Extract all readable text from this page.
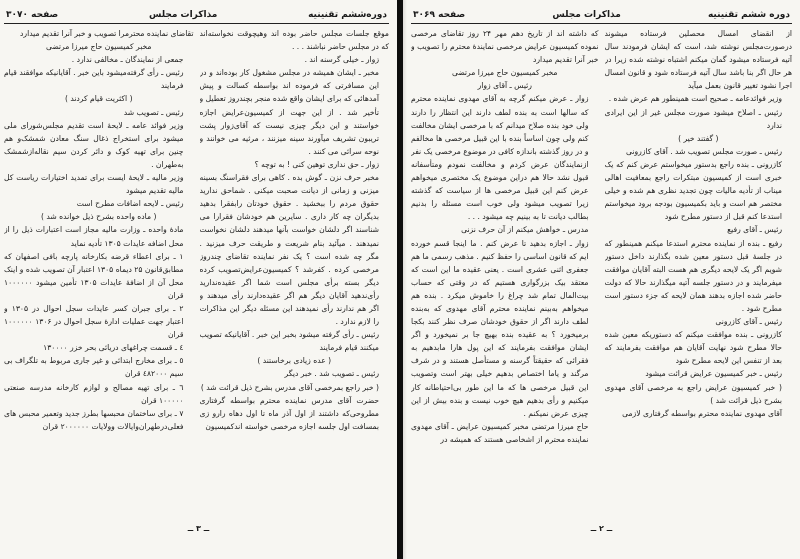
دوره ششم تقنینیه
مذاکرات مجلس
صفحه ۳۰۶۹

از انقضای امسال محصلین فرستاده میشوند درصورت‌مجلس نوشته شد، است که ایشان فرمودند سال آتیه فرستاده میشود گمان میکنم اشتباه نوشته شده زیرا در هر حال اگر بنا باشد سال آتیه فرستاده شود و قانون امسال اجرا نشود تغییر قانون بعمل میآید

وزیر فوائدعامه ـ صحیح است همینطور هم عرض شده .

رئیس ـ اصلاح میشود صورت مجلس غیر از این ایرادی ندارد

( گفتند خیر )

رئیس ـ صورت مجلس تصویب شد . آقای کازرونی

کازرونی ـ بنده راجع بدستور میخواستم عرض کنم که یک خبری است از کمیسیون مبتکرات راجع بمعافیت اهالی میناب از تأدیه مالیات چون تجدید نظری هم شده و خیلی مختصر هم است و باید بکمیسیون بودجه برود میخواستم استدعا کنم قبل از دستور مطرح شود

رئیس ـ آقای رفیع

رفیع ـ بنده از نماینده محترم استدعا میکنم همینطور که در جلسهٔ قبل دستور معین شده بگذارند داخل دستور شویم اگر یک لایحه دیگری هم هست البته آقایان موافقت میفرمایند و در دستور جلسه آتیه میگذارند حالا که دولت حاضر شده اجازه بدهند همان لایحه که جزء دستور است مطرح شود .

رئیس ـ آقای کازرونی

کازرونی ـ بنده موافقت میکنم که دستوریکه معین شده حالا مطرح شود نهایت آقایان هم موافقت بفرمایند که بعد از تنفس این لایحه مطرح شود

رئیس ـ خبر کمیسیون عرایض قرائت میشود

( خبر کمیسیون عرایض راجع به مرخصی آقای مهدوی بشرح ذیل قرائت شد )

آقای مهدوی نماینده محترم بواسطه گرفتاری لازمی

که داشته اند از تاریخ دهم مهر ۲۴ روز تقاضای مرخصی نموده کمیسیون عرایض مرخصی نمایندهٔ محترم را تصویب و خبر آنرا تقدیم میدارد

مخبر کمیسیون حاج میرزا مرتضی

رئیس ـ آقای زوار

زوار ـ عرض میکنم گرچه به آقای مهدوی نماینده محترم که سالها است به بنده لطف دارند این انتظار را دارند ولی خود بنده صلاح میدانم که با مرخصی ایشان مخالفت کنم ولی چون اساساً بنده با این قبیل مرخصی ها مخالفم و در روز گذشته باندازه کافی در موضوع مرخصی یک نفر ازنمایندگان عرض کردم و مخالفت نمودم ومتأسفانه قبول نشد حالا هم دراین موضوع یک مختصری میخواهم عرض کنم این قبیل مرخصی ها از سیاست که گذشته زیرا تصویب میشود ولی خوب است مسئله را بدنیم بطالب دیانت تا به بینیم چه میشود . . .

مدرس ـ خواهش میکنم از آن حرف نزنی

زوار ـ اجازه بدهید تا عرض کنم . ما اینجا قسم خورده ایم که قانون اساسی را حفظ کنیم . مذهب رسمی ما هم جعفری اثنی عشری است . یعنی عقیده ما این است که معتقد بیک بزرگواری هستیم که در وقتی که حساب بیت‌المال تمام شد چراغ را خاموش میکرد . بنده هم میخواهم به‌بینم نماینده محترم آقای مهدوی که به‌بنده لطف دارند اگر از حقوق خودشان صرف نظر کنند بکجا برمیخورد ؟ به عقیده بنده بهیچ جا بر نمیخورد و اگر ایشان موافقت بفرمایند که این پول هارا مابدهیم به فقرائی که حقیقتاً گرسنه و مستأصل هستند و در شرف مرگند و یاما اختصاص بدهیم خیلی بهتر است وتصویب این قبیل مرخصی ها که ما این طور بی‌احتیاطانه کار میکنیم و رأی بدهیم هیچ خوب نیست و بنده بیش از این چیزی عرض نمیکنم .

حاج میرزا مرتضی مخبر کمیسیون عرایض ـ آقای مهدوی نماینده محترم از اشخاصی هستند که همیشه در

ــ ۲ ــ
دوره‌ششم تقنینیه
مذاکرات مجلس
صفحه ۳۰۷۰

موقع جلسات مجلس حاضر بوده اند وهیچوقت نخواسته‌اند که در مجلس حاضر نباشند . . .

زوار ـ خیلی گرسنه اند .

مخبر ـ ایشان همیشه در مجلس مشغول کار بوده‌اند و در این مسافرتی که فرموده اند بواسطه کسالت و پیش آمدهائی که برای ایشان واقع شده منجر بچندروز تعطیل و تأخیر شد . از این جهت از کمیسیون‌عرایض اجازه خواستند و این دیگر چیزی نیست که آقای‌زوار پشت تریبون تشریف میآورند سینه میزنند ، مرثیه می خوانند و نوحه سرائی می کنند .

زوار ـ حق نداری توهین کنی ! به توچه ؟

مخبر حرف نزن ـ گوش بده . کاهی برای فقراسنگ بسینه میزنی و زمانی از دیانت صحبت میکنی . شماحق ندارید حقوق مردم را ببخشید . حقوق خودتان رابفقرا بدهید بدیگران چه کار داری . سایرین هم خودشان فقرارا می شناسند اگر دلشان خواست بآنها میدهند دلشان نخواست نمیدهند . میآئید بنام شریعت و طریقت حرف میزنید . مگر چه شده است ؟ یک نفر نماینده تقاضای چندروز مرخصی کرده . کفرشد ؟ کمیسیون‌عرایض‌تصویب کرده دیگر بسته برأی مجلس است شما اگر عقیده‌ندارید رأی‌ندهید آقایان دیگر هم اگر عقیده‌دارند رأی میدهند و اگر هم ندارند رأی نمیدهند این مسئله دیگر این مذاکرات را لازم ندارد .

رئیس ـ رأی گرفته میشود بخبر این خبر . آقایانیکه تصویب میکنند قیام فرمایند

( عده زیادی برخاستند )

رئیس ـ تصویب شد . خبر دیگر

( خبر راجع بمرخصی آقای مدرس بشرح ذیل قرائت شد )

حضرت آقای مدرس نماینده محترم بواسطه گرفتاری مطروحی‌که داشتند از اول آذر ماه تا اول دهاه رارو زی بمسافت اول جلسه اجازه مرخصی خواسته اندکمیسیون

تقاضای نماینده محترمرا تصویب و خبر آنرا تقدیم میدارد

مخبر کمیسیون حاج میرزا مرتضی

جمعی از نمایندگان ـ مخالفی ندارد .

رئیس ـ رأی گرفته‌میشود باین خبر . آقایانیکه موافقند قیام فرمایند

( اکثریت قیام کردند )

رئیس ـ تصویب شد

وزیر فوائد عامه ـ لایحهٔ است تقدیم مجلس‌شورای ملی میشود برای استخراج ذغال سنگ معادن شمشک‌و هم چنین برای تهیه کوک و دائر کردن سیم نقاله‌ازشمشک به‌طهران .

وزیر مالیه ـ لایحهٔ ایست برای تمدید اختیارات ریاست کل مالیه تقدیم میشود

رئیس ـ لایحه اضافات مطرح است

( ماده واحده بشرح ذیل خوانده شد )

مادهٔ واحده ـ وزارت مالیه مجاز است اعتبارات ذیل را از محل اضافه عایدات ۱۳۰۵ تأدیه نماید

۱ ـ برای اعطاء قرضه بکارخانه پارچه بافی اصفهان که مطابق‌قانون ۲۵ دیماه ۱۳۰۵ اعتبار آن تصویب شده و اینک محل آن از اضافهٔ عایدات ۱۳۰۵ تأمین میشود ۱۰۰۰۰۰۰ قران

۲ ـ برای جبران کسر عایدات سجل احوال در ۱۳۰۵ و اعتبار جهت عملیات ادارهٔ سجل احوال در ۱۳۰۶ ۱۰۰۰۰۰۰ قران

٤ ـ قسمت چراغهای دریائی بحر خزر ۱۳۰۰۰۰

٥ ـ برای مخارج ابتدائی و غیر جاری مربوط به تلگراف بی سیم ٤۸۲۰۰۰ قران

٦ ـ برای تهیه مصالح و لوازم کارخانه مدرسه صنعتی ۱۰۰۰۰۰ قران

۷ ـ برای ساختمان محبسها بطرز جدید وتعمیر محبس های فعلی‌درطهران‌وایالات وولایات ۲۰۰۰۰۰۰ قران

ــ ۳ ــ
